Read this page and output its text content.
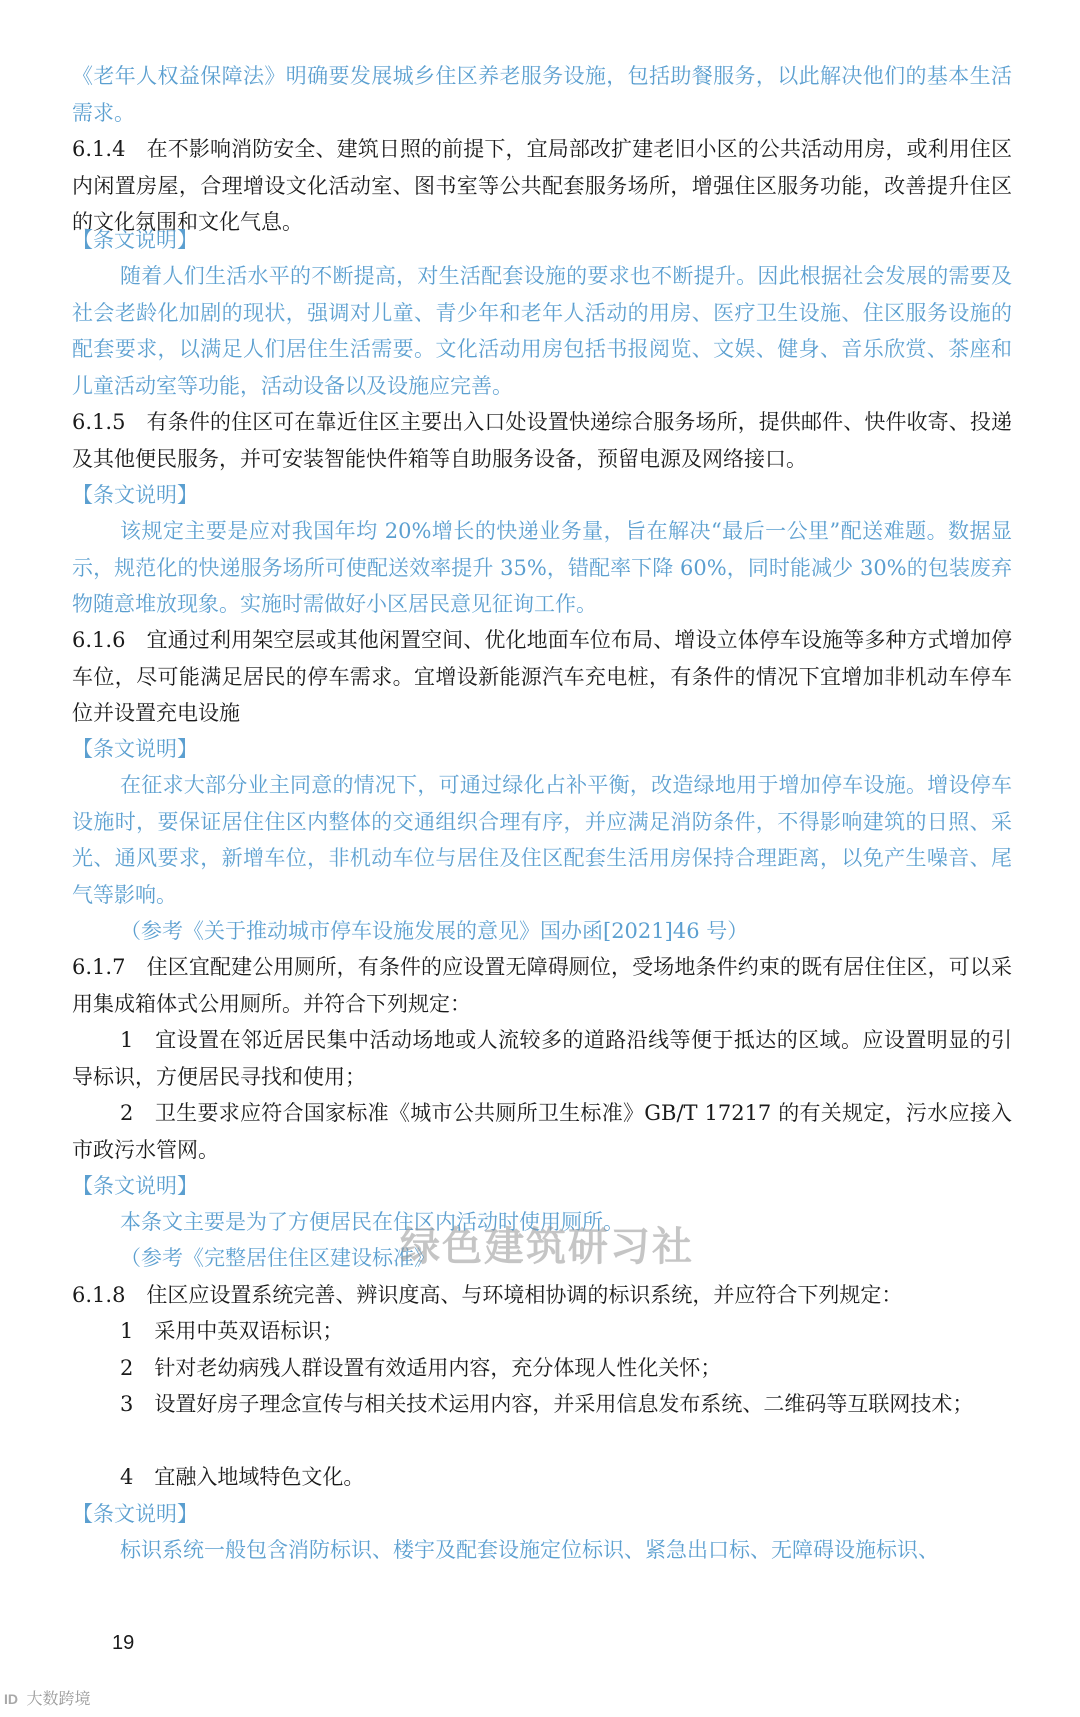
《老年人权益保障法》明确要发展城乡住区养老服务设施，包括助餐服务，以此解决他们的基本生活需求。

6.1.4　在不影响消防安全、建筑日照的前提下，宜局部改扩建老旧小区的公共活动用房，或利用住区内闲置房屋，合理增设文化活动室、图书室等公共配套服务场所，增强住区服务功能，改善提升住区的文化氛围和文化气息。

【条文说明】

随着人们生活水平的不断提高，对生活配套设施的要求也不断提升。因此根据社会发展的需要及社会老龄化加剧的现状，强调对儿童、青少年和老年人活动的用房、医疗卫生设施、住区服务设施的配套要求，以满足人们居住生活需要。文化活动用房包括书报阅览、文娱、健身、音乐欣赏、茶座和儿童活动室等功能，活动设备以及设施应完善。

6.1.5　有条件的住区可在靠近住区主要出入口处设置快递综合服务场所，提供邮件、快件收寄、投递及其他便民服务，并可安装智能快件箱等自助服务设备，预留电源及网络接口。

【条文说明】

该规定主要是应对我国年均 20%增长的快递业务量，旨在解决“最后一公里”配送难题。数据显示，规范化的快递服务场所可使配送效率提升 35%，错配率下降 60%，同时能减少 30%的包装废弃物随意堆放现象。实施时需做好小区居民意见征询工作。

6.1.6　宜通过利用架空层或其他闲置空间、优化地面车位布局、增设立体停车设施等多种方式增加停车位，尽可能满足居民的停车需求。宜增设新能源汽车充电桩，有条件的情况下宜增加非机动车停车位并设置充电设施

【条文说明】

在征求大部分业主同意的情况下，可通过绿化占补平衡，改造绿地用于增加停车设施。增设停车设施时，要保证居住住区内整体的交通组织合理有序，并应满足消防条件，不得影响建筑的日照、采光、通风要求，新增车位，非机动车位与居住及住区配套生活用房保持合理距离，以免产生噪音、尾气等影响。

（参考《关于推动城市停车设施发展的意见》国办函[2021]46 号）

6.1.7　住区宜配建公用厕所，有条件的应设置无障碍厕位，受场地条件约束的既有居住住区，可以采用集成箱体式公用厕所。并符合下列规定：

1　宜设置在邻近居民集中活动场地或人流较多的道路沿线等便于抵达的区域。应设置明显的引导标识，方便居民寻找和使用；

2　卫生要求应符合国家标准《城市公共厕所卫生标准》GB/T 17217 的有关规定，污水应接入市政污水管网。

【条文说明】

本条文主要是为了方便居民在住区内活动时使用厕所。

（参考《完整居住住区建设标准》

6.1.8　住区应设置系统完善、辨识度高、与环境相协调的标识系统，并应符合下列规定：

1　采用中英双语标识；

2　针对老幼病残人群设置有效适用内容，充分体现人性化关怀；

3　设置好房子理念宣传与相关技术运用内容，并采用信息发布系统、二维码等互联网技术；

4　宜融入地域特色文化。

【条文说明】

标识系统一般包含消防标识、楼宇及配套设施定位标识、紧急出口标、无障碍设施标识、

绿色建筑研习社
19
ID 大数跨境
